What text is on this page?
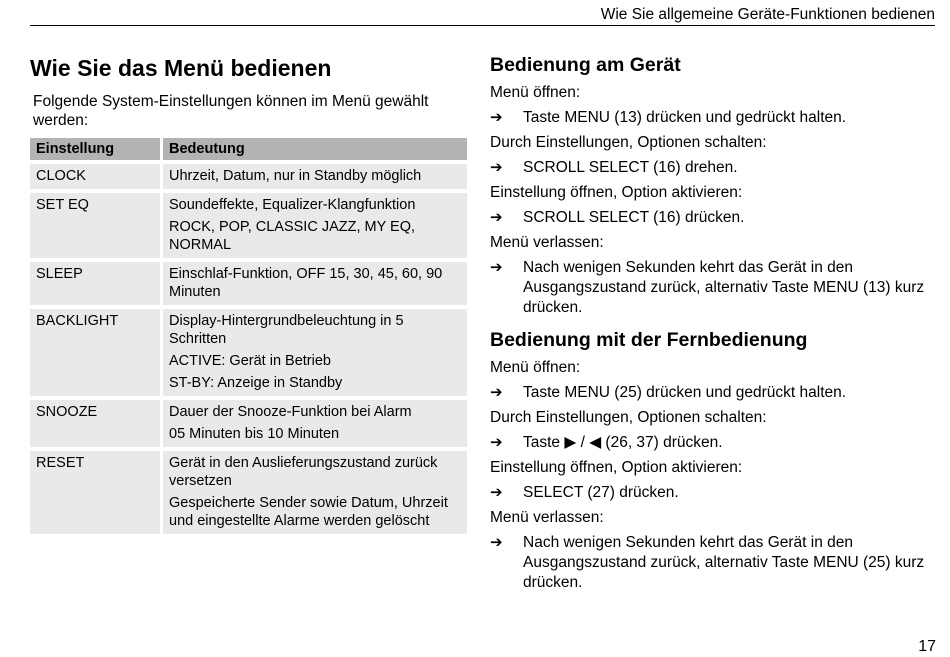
Wie Sie allgemeine Geräte-Funktionen bedienen
Wie Sie das Menü bedienen
Folgende System-Einstellungen können im Menü gewählt werden:
Einstellung	Bedeutung
CLOCK	Uhrzeit, Datum, nur in Standby möglich

SET EQ	Soundeffekte, Equalizer-Klangfunktion
ROCK, POP, CLASSIC JAZZ, MY EQ, NORMAL

SLEEP	Einschlaf-Funktion, OFF 15, 30, 45, 60, 90 Minuten

BACKLIGHT	Display-Hintergrundbeleuchtung in 5 Schritten
ACTIVE: Gerät in Betrieb
ST-BY: Anzeige in Standby

SNOOZE	Dauer der Snooze-Funktion bei Alarm
05 Minuten bis 10 Minuten

RESET	Gerät in den Auslieferungszustand zurück versetzen
Gespeicherte Sender sowie Datum, Uhrzeit und eingestellte Alarme werden gelöscht
Bedienung am Gerät
Menü öffnen:
➔	Taste MENU (13) drücken und gedrückt halten.
Durch Einstellungen, Optionen schalten:
➔	SCROLL SELECT (16) drehen.
Einstellung öffnen, Option aktivieren:
➔	SCROLL SELECT (16) drücken.
Menü verlassen:
➔	Nach wenigen Sekunden kehrt das Gerät in den Ausgangszustand zurück, alternativ Taste MENU (13) kurz drücken.
Bedienung mit der Fernbedienung
Menü öffnen:
➔	Taste MENU (25) drücken und gedrückt halten.
Durch Einstellungen, Optionen schalten:
➔	Taste ▶ / ◀ (26, 37) drücken.
Einstellung öffnen, Option aktivieren:
➔	SELECT (27) drücken.
Menü verlassen:
➔	Nach wenigen Sekunden kehrt das Gerät in den Ausgangszustand zurück, alternativ Taste MENU (25) kurz drücken.
17
